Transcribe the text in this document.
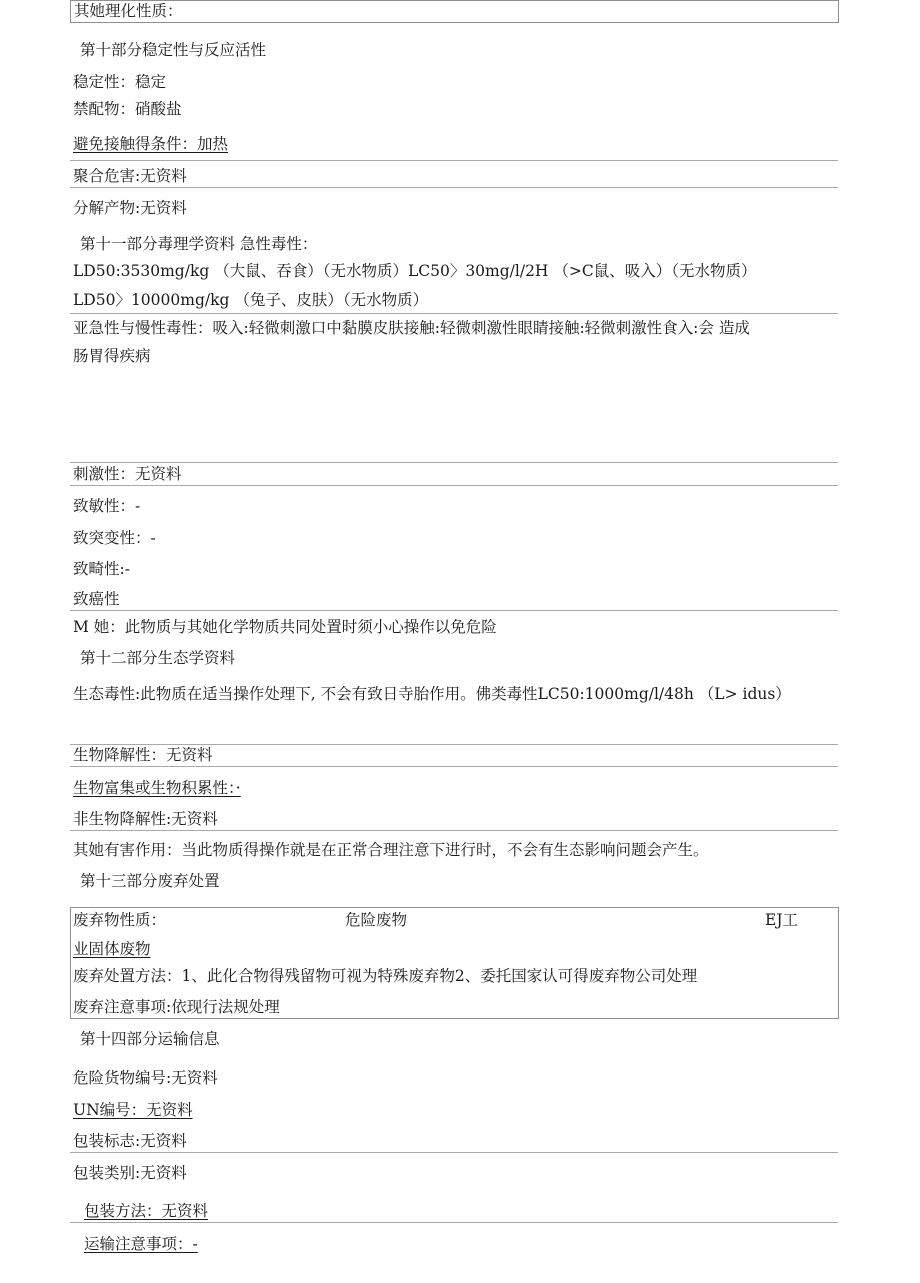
其她理化性质：
第十部分稳定性与反应活性
稳定性：稳定
禁配物：硝酸盐
避免接触得条件：加热
聚合危害:无资料
分解产物:无资料
第十一部分毒理学资料 急性毒性：
LD50:3530mg/kg （大鼠、吞食）（无水物质）LC50〉30mg/l/2H （>C鼠、吸入）（无水物质）
LD50〉10000mg/kg （兔子、皮肤）（无水物质）
亚急性与慢性毒性：吸入:轻微刺激口中黏膜皮肤接触:轻微刺激性眼睛接触:轻微刺激性食入:会 造成
肠胃得疾病
刺激性：无资料
致敏性：-
致突变性：-
致畸性:-
致癌性
M 她：此物质与其她化学物质共同处置时须小心操作以免危险
第十二部分生态学资料
生态毒性:此物质在适当操作处理下, 不会有致日寺胎作用。佛类毒性LC50:1000mg/l/48h （L> idus）
生物降解性：无资料
生物富集或生物积累性：·
非生物降解性:无资料
其她有害作用：当此物质得操作就是在正常合理注意下进行时，不会有生态影响问题会产生。
第十三部分废弃处置
废弃物性质：	危险废物	EJ工
业固体废物
废弃处置方法：1、此化合物得残留物可视为特殊废弃物2、委托国家认可得废弃物公司处理
废弃注意事项:依现行法规处理
第十四部分运输信息
危险货物编号:无资料
UN编号：无资料
包装标志:无资料
包装类别:无资料
包装方法：无资料
运输注意事项：-
